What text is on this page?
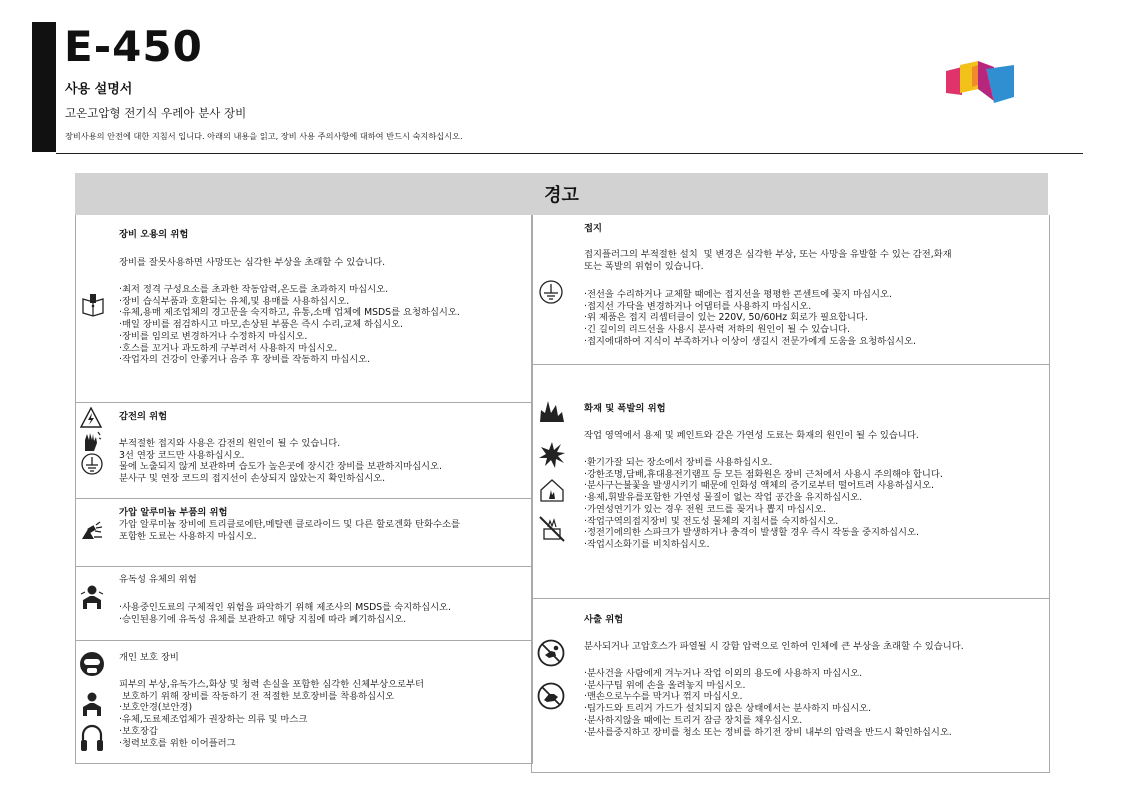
E-450
사용 설명서
고온고압형 전기식 우레아 분사 장비
장비사용의 안전에 대한 지침서 입니다. 아래의 내용을 읽고, 장비 사용 주의사항에 대하여 반드시 숙지하십시오.
경고
장비 오용의 위험
장비를 잘못사용하면 사망또는 심각한 부상을 초래할 수 있습니다.
·최저 정격 구성요소를 초과한 작동압력,온도를 초과하지 마십시오.
·장비 습식부품과 호환되는 유체,및 용매를 사용하십시오.
·유체,용매 제조업체의 경고문을 숙지하고, 유통,소매 업체에 MSDS를 요청하십시오.
·매일 장비를 점검하시고 마모,손상된 부품은 즉시 수리,교체 하십시오.
·장비를 임의로 변경하거나 수정하지 마십시오.
·호스를 꼬거나 과도하게 구부려서 사용하지 마십시오.
·작업자의 건강이 안좋거나 음주 후 장비를 작동하지 마십시오.
감전의 위험
부적절한 접지와 사용은 감전의 원인이 될 수 있습니다.
3선 연장 코드만 사용하십시오.
물에 노출되지 않게 보관하며 습도가 높은곳에 장시간 장비를 보관하지마십시오.
분사구 및 연장 코드의 접지선이 손상되지 않았는지 확인하십시오.
가압 알루미늄 부품의 위험
가압 알루미늄 장비에 트리클로에탄,메탈렌 클로라이드 및 다른 할로겐화 탄화수소를
포함한 도료는 사용하지 마십시오.
유독성 유체의 위험
·사용중인도료의 구체적인 위험을 파악하기 위해 제조사의 MSDS를 숙지하십시오.
·승인된용기에 유독성 유체를 보관하고 해당 지침에 따라 폐기하십시오.
개인 보호 장비
피부의 부상,유독가스,화상 및 청력 손실을 포함한 심각한 신체부상으로부터
보호하기 위해 장비를 작동하기 전 적절한 보호장비를 착용하십시오
·보호안경(보안경)
·유체,도료제조업체가 권장하는 의류 및 마스크
·보호장갑
·청력보호를 위한 이어플러그
접지
접지플러그의 부적절한 설치  및 변경은 심각한 부상, 또는 사망을 유발할 수 있는 감전,화재
또는 폭발의 위험이 있습니다.
·전선을 수리하거나 교체할 때에는 접지선을 평평한 콘센트에 꽂지 마십시오.
·접지선 가닥을 변경하거나 어댑터를 사용하지 마십시오.
·위 제품은 접지 리셉터클이 있는 220V, 50/60Hz 회로가 필요합니다.
·긴 길이의 리드선을 사용시 분사력 저하의 원인이 될 수 있습니다.
·접지에대하여 지식이 부족하거나 이상이 생길시 전문가에게 도움을 요청하십시오.
화재 및 폭발의 위험
작업 영역에서 용제 및 페인트와 같은 가연성 도료는 화재의 원인이 될 수 있습니다.
·환기가잘 되는 장소에서 장비를 사용하십시오.
·강한조명,담배,휴대용전기램프 등 모든 점화원은 장비 근처에서 사용시 주의해야 합니다.
·분사구는불꽃을 발생시키기 때문에 인화성 액체의 증기로부터 떨어트려 사용하십시오.
·용제,휘발유를포함한 가연성 물질이 없는 작업 공간을 유지하십시오.
·가연성연기가 있는 경우 전원 코드를 꽂거나 뽑지 마십시오.
·작업구역의접지장비 및 전도성 물체의 지침서를 숙지하십시오.
·정전기에의한 스파크가 발생하거나 충격이 발생할 경우 즉시 작동을 중지하십시오.
·작업시소화기를 비치하십시오.
사출 위험
분사되거나 고압호스가 파열될 시 강함 압력으로 인하여 인체에 큰 부상을 초래할 수 있습니다.
·분사건을 사람에게 겨누거나 작업 이외의 용도에 사용하지 마십시오.
·분사구팁 위에 손을 올려놓지 마십시오.
·맨손으로누수를 막거나 꺾지 마십시오.
·팁가드와 트리거 가드가 설치되지 않은 상태에서는 분사하지 마십시오.
·분사하지않을 때에는 트리거 잠금 장치를 채우십시오.
·분사를중지하고 장비를 청소 또는 정비를 하기전 장비 내부의 압력을 반드시 확인하십시오.
